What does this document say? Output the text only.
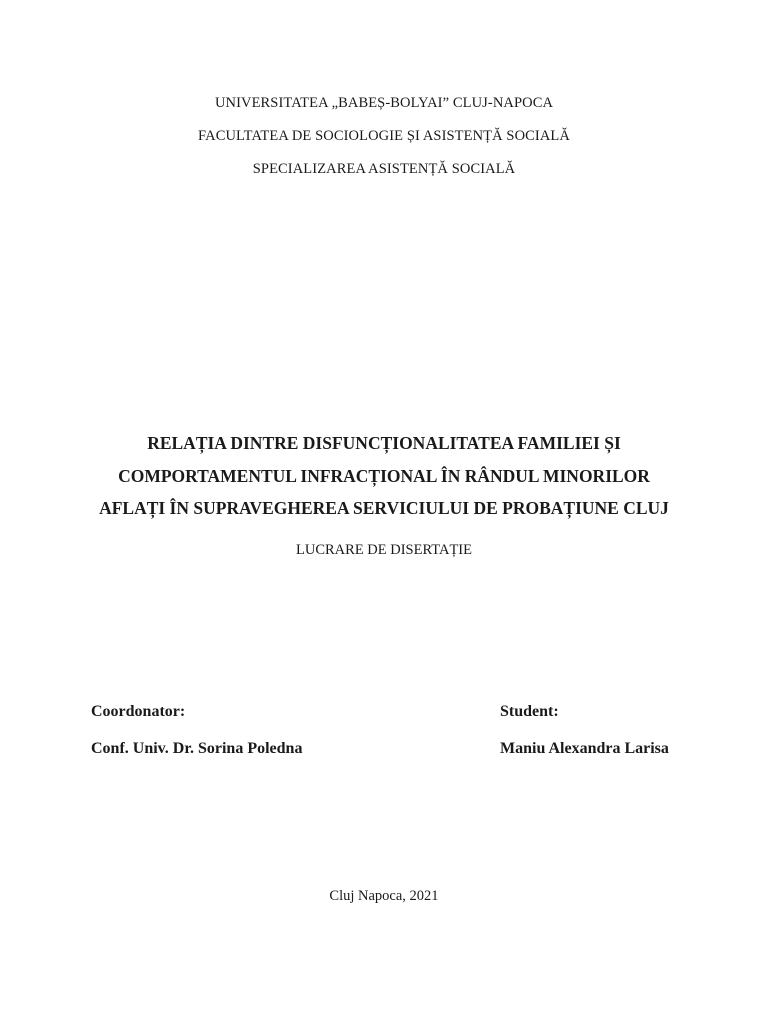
UNIVERSITATEA „BABEȘ-BOLYAI” CLUJ-NAPOCA
FACULTATEA DE SOCIOLOGIE ȘI ASISTENȚĂ SOCIALĂ
SPECIALIZAREA ASISTENȚĂ SOCIALĂ
RELAȚIA DINTRE DISFUNCȚIONALITATEA FAMILIEI ȘI
COMPORTAMENTUL INFRACȚIONAL ÎN RÂNDUL MINORILOR
AFLAȚI ÎN SUPRAVEGHEREA SERVICIULUI DE PROBAȚIUNE CLUJ
LUCRARE DE DISERTAȚIE
Coordonator:
Conf. Univ. Dr. Sorina Poledna
Student:
Maniu Alexandra Larisa
Cluj Napoca, 2021
